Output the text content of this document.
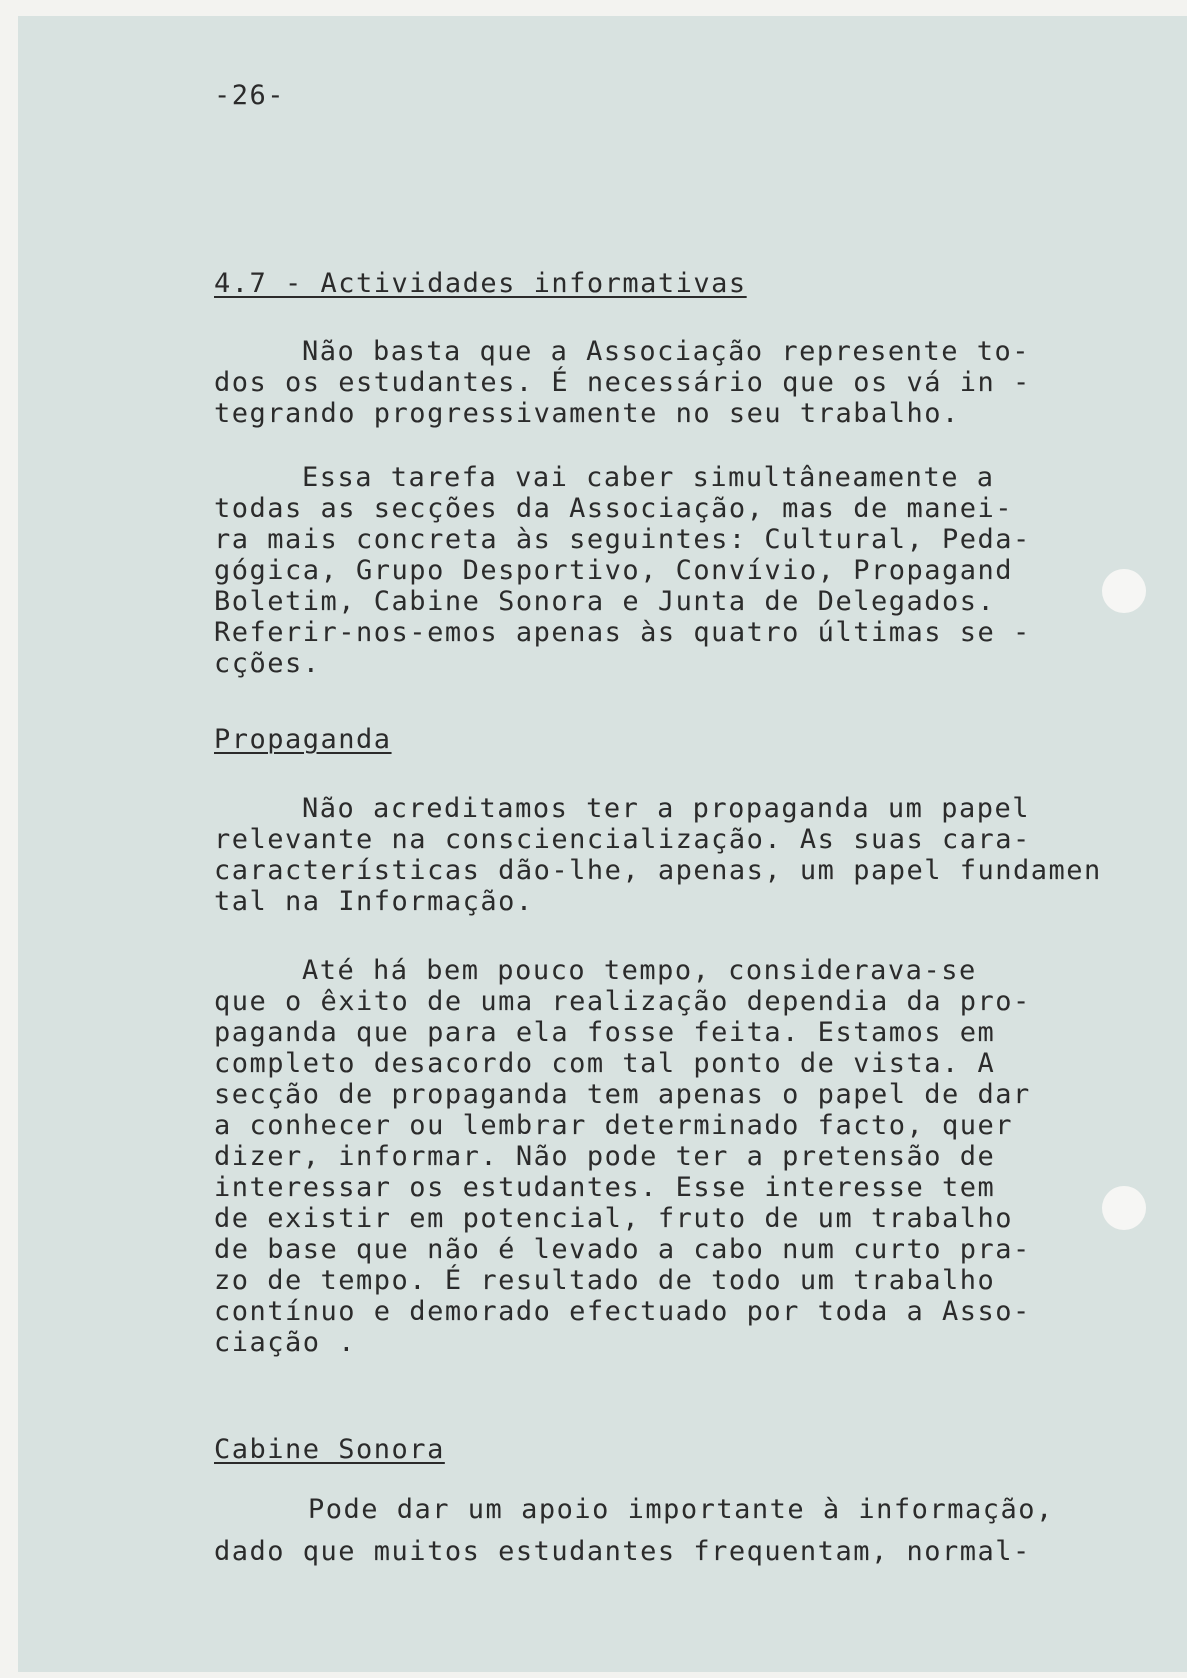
-26-
4.7 - Actividades informativas
Não basta que a Associação represente to-
dos os estudantes. É necessário que os vá in -
tegrando progressivamente no seu trabalho.
Essa tarefa vai caber simultâneamente a
todas as secções da Associação, mas de manei-
ra mais concreta às seguintes: Cultural, Peda-
gógica, Grupo Desportivo, Convívio, Propagand
Boletim, Cabine Sonora e Junta de Delegados.
Referir-nos-emos apenas às quatro últimas se -
cções.
Propaganda
Não acreditamos ter a propaganda um papel
relevante na consciencialização. As suas cara-
características dão-lhe, apenas, um papel fundamen
tal na Informação.
Até há bem pouco tempo, considerava-se
que o êxito de uma realização dependia da pro-
paganda que para ela fosse feita. Estamos em
completo desacordo com tal ponto de vista. A
secção de propaganda tem apenas o papel de dar
a conhecer ou lembrar determinado facto, quer
dizer, informar. Não pode ter a pretensão de
interessar os estudantes. Esse interesse tem
de existir em potencial, fruto de um trabalho
de base que não é levado a cabo num curto pra-
zo de tempo. É resultado de todo um trabalho
contínuo e demorado efectuado por toda a Asso-
ciação .
Cabine Sonora
Pode dar um apoio importante à informação,
dado que muitos estudantes frequentam, normal-
